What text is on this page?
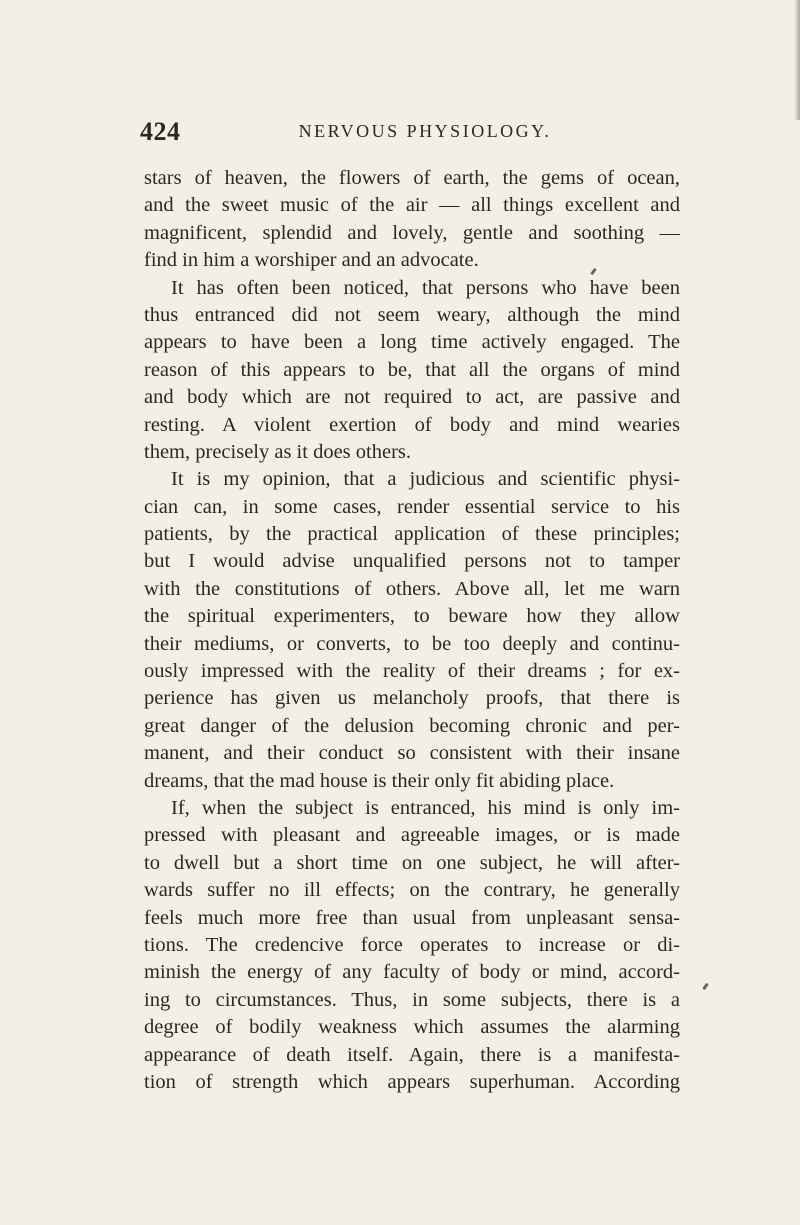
424	NERVOUS PHYSIOLOGY.
stars of heaven, the flowers of earth, the gems of ocean,
and the sweet music of the air — all things excellent and
magnificent, splendid and lovely, gentle and soothing —
find in him a worshiper and an advocate.
It has often been noticed, that persons who have been
thus entranced did not seem weary, although the mind
appears to have been a long time actively engaged. The
reason of this appears to be, that all the organs of mind
and body which are not required to act, are passive and
resting. A violent exertion of body and mind wearies
them, precisely as it does others.
It is my opinion, that a judicious and scientific physi-
cian can, in some cases, render essential service to his
patients, by the practical application of these principles;
but I would advise unqualified persons not to tamper
with the constitutions of others. Above all, let me warn
the spiritual experimenters, to beware how they allow
their mediums, or converts, to be too deeply and continu-
ously impressed with the reality of their dreams ; for ex-
perience has given us melancholy proofs, that there is
great danger of the delusion becoming chronic and per-
manent, and their conduct so consistent with their insane
dreams, that the mad house is their only fit abiding place.
If, when the subject is entranced, his mind is only im-
pressed with pleasant and agreeable images, or is made
to dwell but a short time on one subject, he will after-
wards suffer no ill effects; on the contrary, he generally
feels much more free than usual from unpleasant sensa-
tions. The credencive force operates to increase or di-
minish the energy of any faculty of body or mind, accord-
ing to circumstances. Thus, in some subjects, there is a
degree of bodily weakness which assumes the alarming
appearance of death itself. Again, there is a manifesta-
tion of strength which appears superhuman. According
